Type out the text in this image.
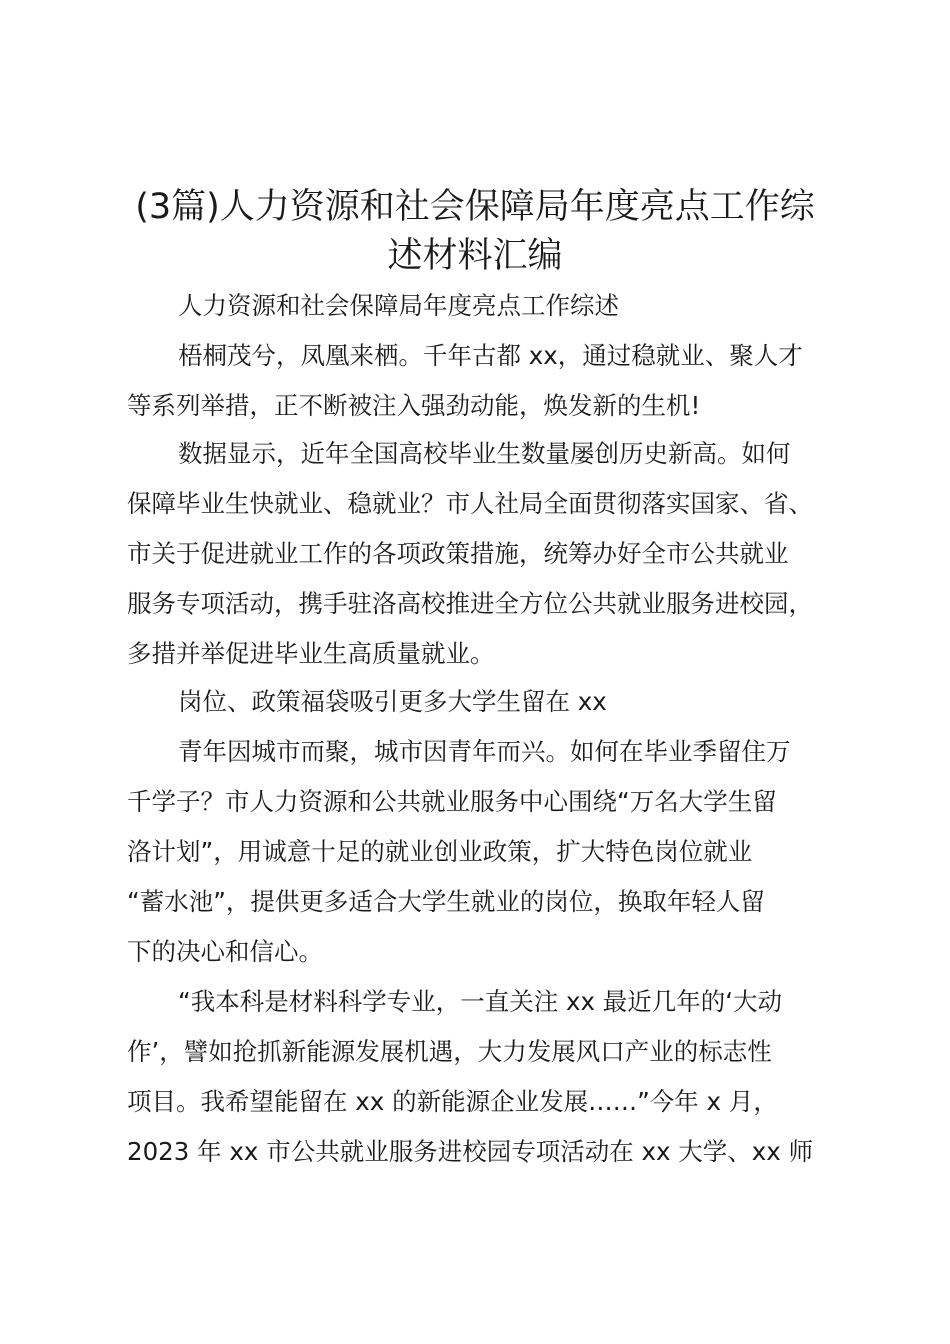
(3篇)人力资源和社会保障局年度亮点工作综
述材料汇编

人力资源和社会保障局年度亮点工作综述

梧桐茂兮，凤凰来栖。千年古都 xx，通过稳就业、聚人才

等系列举措，正不断被注入强劲动能，焕发新的生机!

数据显示，近年全国高校毕业生数量屡创历史新高。如何

保障毕业生快就业、稳就业？市人社局全面贯彻落实国家、省、

市关于促进就业工作的各项政策措施，统筹办好全市公共就业

服务专项活动，携手驻洛高校推进全方位公共就业服务进校园，

多措并举促进毕业生高质量就业。

岗位、政策福袋吸引更多大学生留在 xx

青年因城市而聚，城市因青年而兴。如何在毕业季留住万

千学子？市人力资源和公共就业服务中心围绕“万名大学生留

洛计划”，用诚意十足的就业创业政策，扩大特色岗位就业

“蓄水池”，提供更多适合大学生就业的岗位，换取年轻人留

下的决心和信心。

“我本科是材料科学专业，一直关注 xx 最近几年的‘大动

作’，譬如抢抓新能源发展机遇，大力发展风口产业的标志性

项目。我希望能留在 xx 的新能源企业发展……”今年 x 月，

2023 年 xx 市公共就业服务进校园专项活动在 xx 大学、xx 师
